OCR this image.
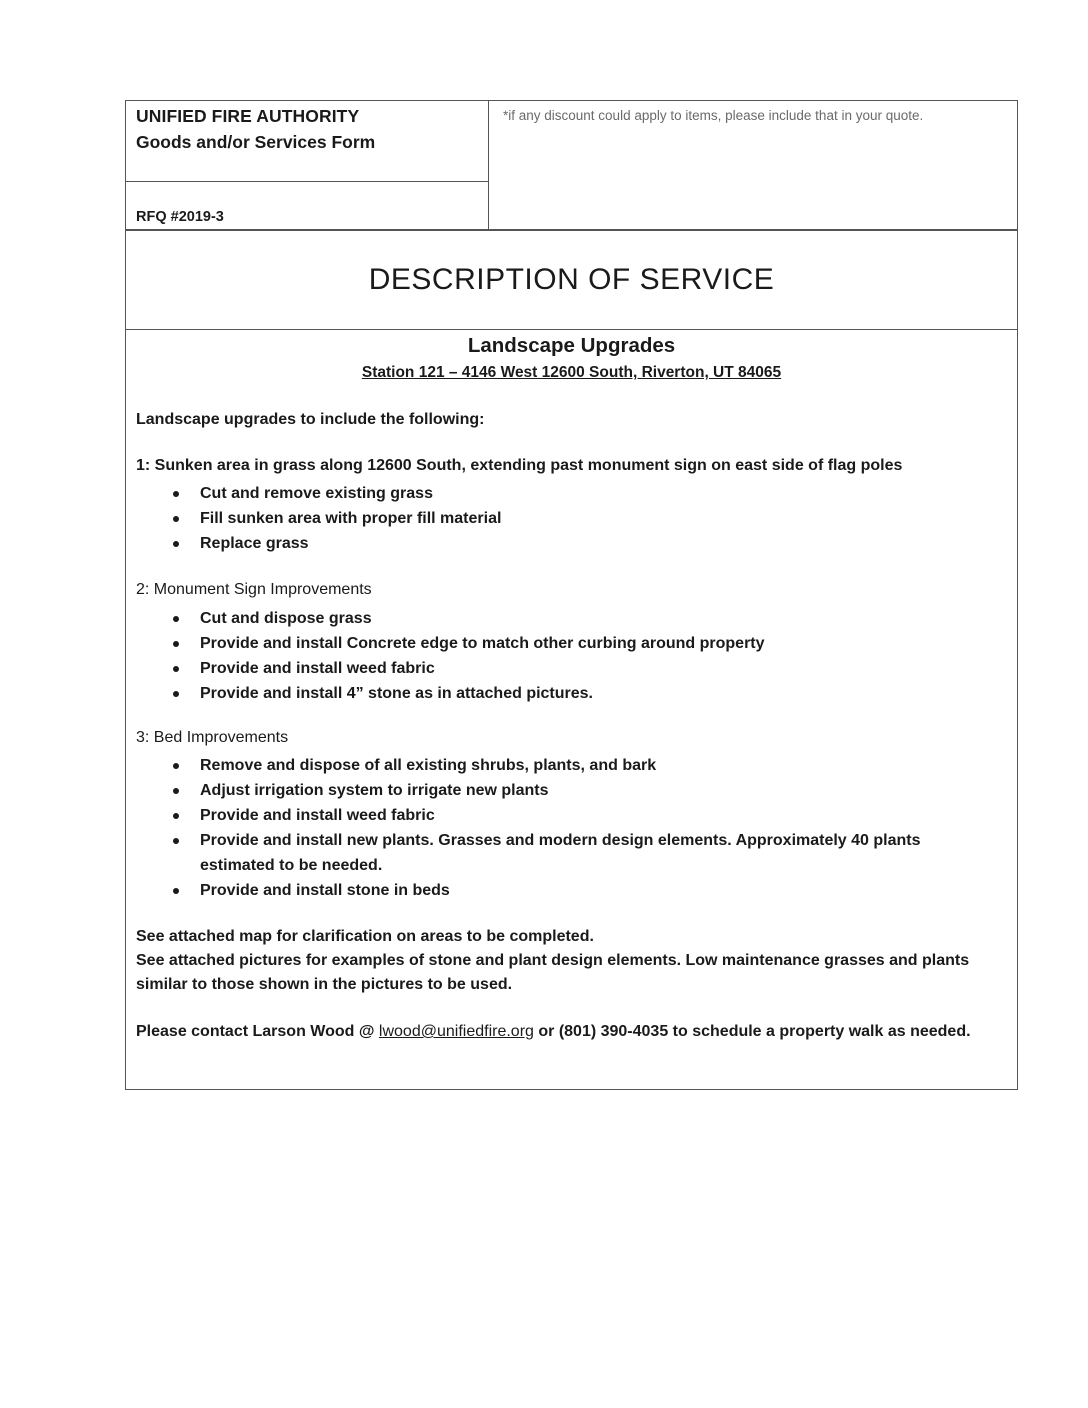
UNIFIED FIRE AUTHORITY
Goods and/or Services Form
RFQ #2019-3
*if any discount could apply to items, please include that in your quote.
DESCRIPTION OF SERVICE
Landscape Upgrades
Station 121 – 4146 West 12600 South, Riverton, UT 84065
Landscape upgrades to include the following:
1: Sunken area in grass along 12600 South, extending past monument sign on east side of flag poles
Cut and remove existing grass
Fill sunken area with proper fill material
Replace grass
2: Monument Sign Improvements
Cut and dispose grass
Provide and install Concrete edge to match other curbing around property
Provide and install weed fabric
Provide and install 4” stone as in attached pictures.
3: Bed Improvements
Remove and dispose of all existing shrubs, plants, and bark
Adjust irrigation system to irrigate new plants
Provide and install weed fabric
Provide and install new plants. Grasses and modern design elements. Approximately 40 plants estimated to be needed.
Provide and install stone in beds
See attached map for clarification on areas to be completed.
See attached pictures for examples of stone and plant design elements. Low maintenance grasses and plants similar to those shown in the pictures to be used.
Please contact Larson Wood @ lwood@unifiedfire.org or (801) 390-4035 to schedule a property walk as needed.
